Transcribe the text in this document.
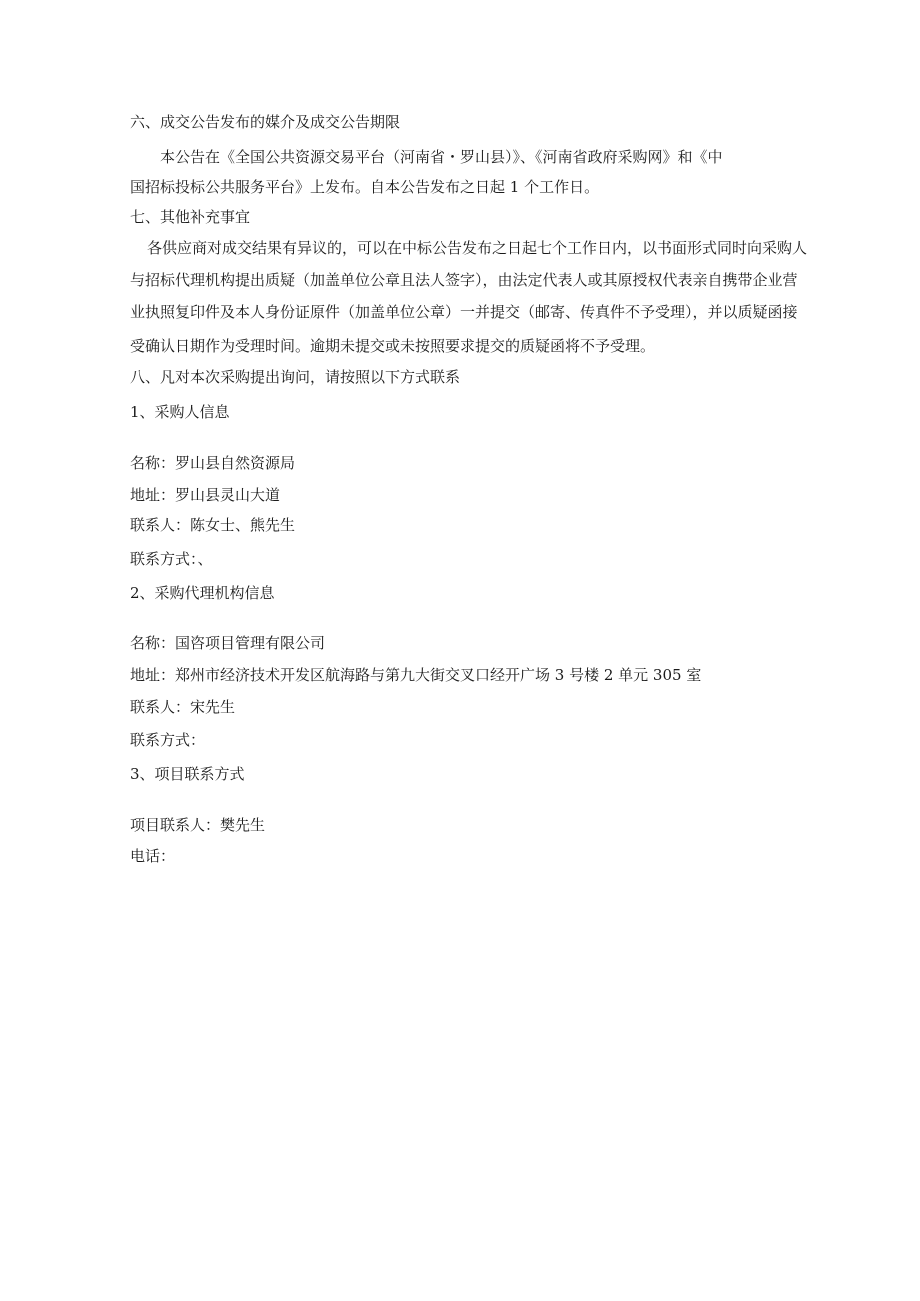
六、成交公告发布的媒介及成交公告期限

本公告在《全国公共资源交易平台（河南省・罗山县）》、《河南省政府采购网》和《中

国招标投标公共服务平台》上发布。自本公告发布之日起 1 个工作日。

七、其他补充事宜

各供应商对成交结果有异议的，可以在中标公告发布之日起七个工作日内，以书面形式同时向采购人

与招标代理机构提出质疑（加盖单位公章且法人签字），由法定代表人或其原授权代表亲自携带企业营

业执照复印件及本人身份证原件（加盖单位公章）一并提交（邮寄、传真件不予受理），并以质疑函接

受确认日期作为受理时间。逾期未提交或未按照要求提交的质疑函将不予受理。

八、凡对本次采购提出询问，请按照以下方式联系

1、采购人信息

名称：罗山县自然资源局

地址：罗山县灵山大道

联系人：陈女士、熊先生

联系方式：、

2、采购代理机构信息

名称：国咨项目管理有限公司

地址：郑州市经济技术开发区航海路与第九大街交叉口经开广场 3 号楼 2 单元 305 室

联系人：宋先生

联系方式：

3、项目联系方式

项目联系人：樊先生

电话：
